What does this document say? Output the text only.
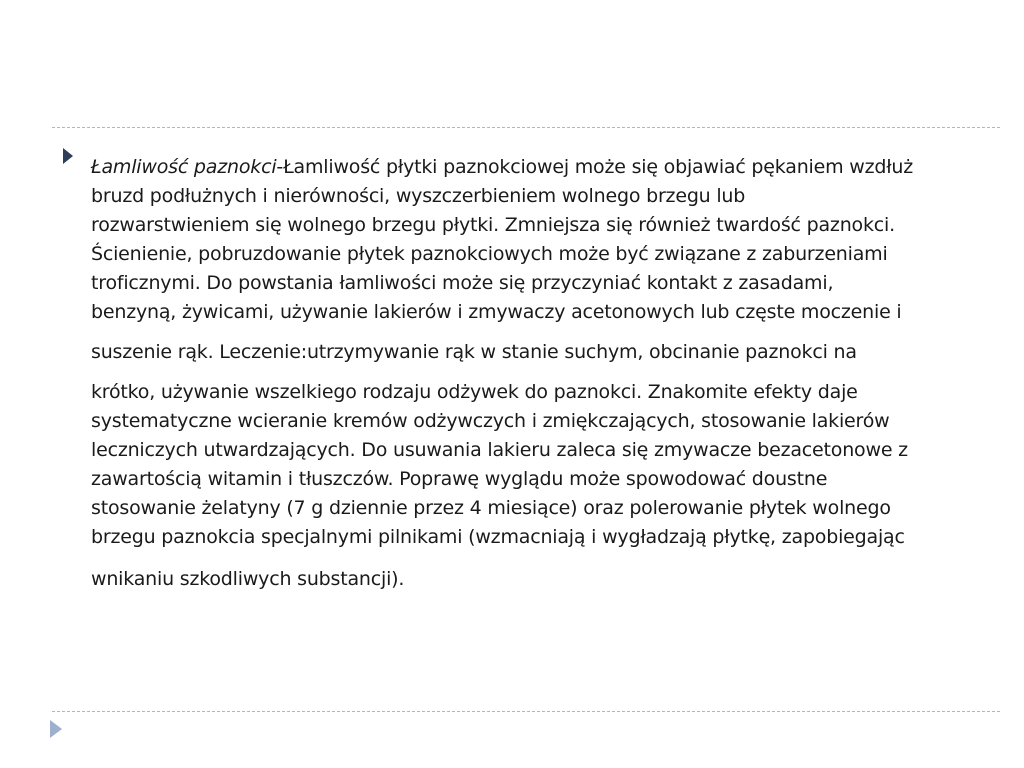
Łamliwość paznokci-Łamliwość płytki paznokciowej może się objawiać pękaniem wzdłuż
bruzd podłużnych i nierówności, wyszczerbieniem wolnego brzegu lub
rozwarstwieniem się wolnego brzegu płytki. Zmniejsza się również twardość paznokci.
Ścienienie, pobruzdowanie płytek paznokciowych może być związane z zaburzeniami
troficznymi. Do powstania łamliwości może się przyczyniać kontakt z zasadami,
benzyną, żywicami, używanie lakierów i zmywaczy acetonowych lub częste moczenie i
suszenie rąk. Leczenie:utrzymywanie rąk w stanie suchym, obcinanie paznokci na
krótko, używanie wszelkiego rodzaju odżywek do paznokci. Znakomite efekty daje
systematyczne wcieranie kremów odżywczych i zmiękczających, stosowanie lakierów
leczniczych utwardzających. Do usuwania lakieru zaleca się zmywacze bezacetonowe z
zawartością witamin i tłuszczów. Poprawę wyglądu może spowodować doustne
stosowanie żelatyny (7 g dziennie przez 4 miesiące) oraz polerowanie płytek wolnego
brzegu paznokcia specjalnymi pilnikami (wzmacniają i wygładzają płytkę, zapobiegając
wnikaniu szkodliwych substancji).
